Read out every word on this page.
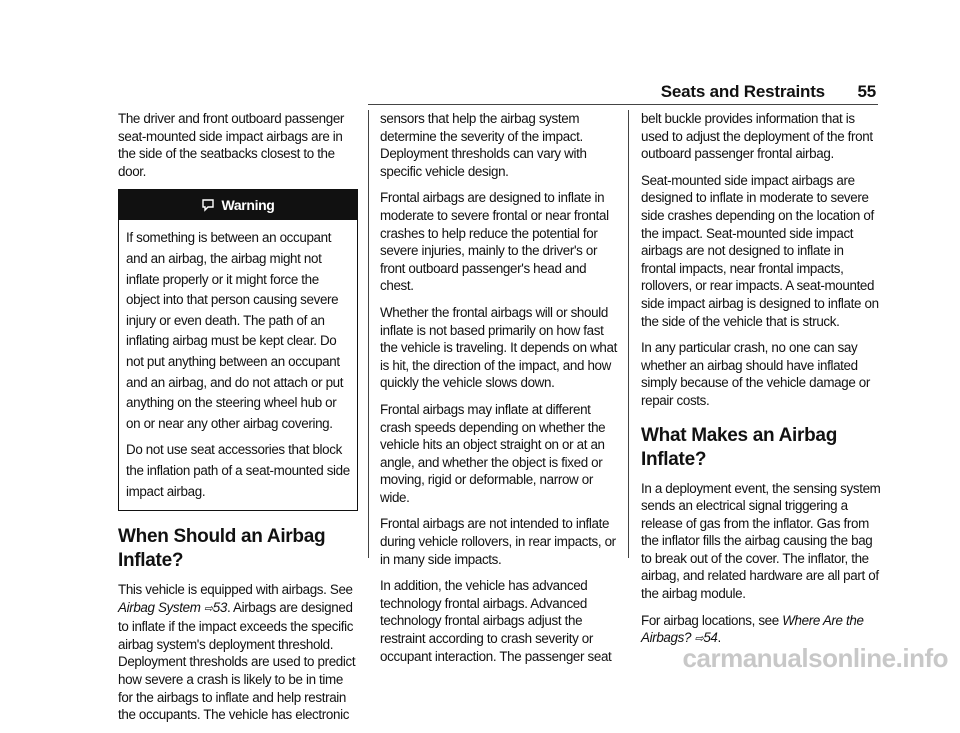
Seats and Restraints 55

The driver and front outboard passenger seat-mounted side impact airbags are in the side of the seatbacks closest to the door.

Warning

If something is between an occupant and an airbag, the airbag might not inflate properly or it might force the object into that person causing severe injury or even death. The path of an inflating airbag must be kept clear. Do not put anything between an occupant and an airbag, and do not attach or put anything on the steering wheel hub or on or near any other airbag covering.

Do not use seat accessories that block the inflation path of a seat-mounted side impact airbag.

When Should an Airbag Inflate?

This vehicle is equipped with airbags. See Airbag System ⇨53. Airbags are designed to inflate if the impact exceeds the specific airbag system's deployment threshold. Deployment thresholds are used to predict how severe a crash is likely to be in time for the airbags to inflate and help restrain the occupants. The vehicle has electronic

sensors that help the airbag system determine the severity of the impact. Deployment thresholds can vary with specific vehicle design.

Frontal airbags are designed to inflate in moderate to severe frontal or near frontal crashes to help reduce the potential for severe injuries, mainly to the driver's or front outboard passenger's head and chest.

Whether the frontal airbags will or should inflate is not based primarily on how fast the vehicle is traveling. It depends on what is hit, the direction of the impact, and how quickly the vehicle slows down.

Frontal airbags may inflate at different crash speeds depending on whether the vehicle hits an object straight on or at an angle, and whether the object is fixed or moving, rigid or deformable, narrow or wide.

Frontal airbags are not intended to inflate during vehicle rollovers, in rear impacts, or in many side impacts.

In addition, the vehicle has advanced technology frontal airbags. Advanced technology frontal airbags adjust the restraint according to crash severity or occupant interaction. The passenger seat

belt buckle provides information that is used to adjust the deployment of the front outboard passenger frontal airbag.

Seat-mounted side impact airbags are designed to inflate in moderate to severe side crashes depending on the location of the impact. Seat-mounted side impact airbags are not designed to inflate in frontal impacts, near frontal impacts, rollovers, or rear impacts. A seat-mounted side impact airbag is designed to inflate on the side of the vehicle that is struck.

In any particular crash, no one can say whether an airbag should have inflated simply because of the vehicle damage or repair costs.

What Makes an Airbag Inflate?

In a deployment event, the sensing system sends an electrical signal triggering a release of gas from the inflator. Gas from the inflator fills the airbag causing the bag to break out of the cover. The inflator, the airbag, and related hardware are all part of the airbag module.

For airbag locations, see Where Are the Airbags? ⇨54.

carmanualsonline.info
